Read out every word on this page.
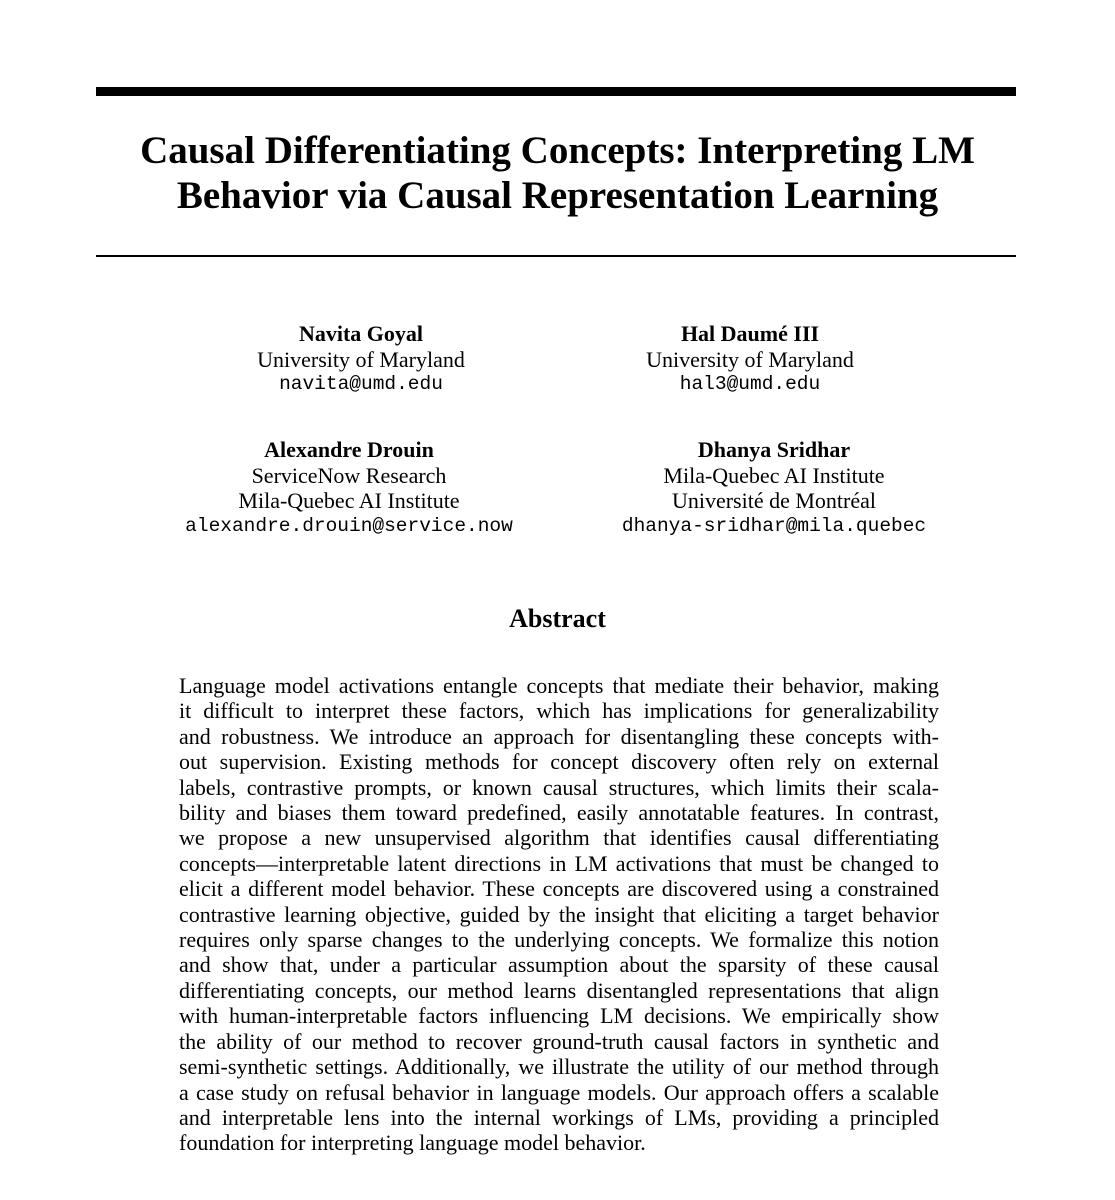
Causal Differentiating Concepts: Interpreting LM
Behavior via Causal Representation Learning
Navita Goyal
University of Maryland
navita@umd.edu
Hal Daumé III
University of Maryland
hal3@umd.edu
Alexandre Drouin
ServiceNow Research
Mila-Quebec AI Institute
alexandre.drouin@service.now
Dhanya Sridhar
Mila-Quebec AI Institute
Université de Montréal
dhanya-sridhar@mila.quebec
Abstract
Language model activations entangle concepts that mediate their behavior, making
it difficult to interpret these factors, which has implications for generalizability
and robustness. We introduce an approach for disentangling these concepts with-
out supervision. Existing methods for concept discovery often rely on external
labels, contrastive prompts, or known causal structures, which limits their scala-
bility and biases them toward predefined, easily annotatable features. In contrast,
we propose a new unsupervised algorithm that identifies causal differentiating
concepts—interpretable latent directions in LM activations that must be changed to
elicit a different model behavior. These concepts are discovered using a constrained
contrastive learning objective, guided by the insight that eliciting a target behavior
requires only sparse changes to the underlying concepts. We formalize this notion
and show that, under a particular assumption about the sparsity of these causal
differentiating concepts, our method learns disentangled representations that align
with human-interpretable factors influencing LM decisions. We empirically show
the ability of our method to recover ground-truth causal factors in synthetic and
semi-synthetic settings. Additionally, we illustrate the utility of our method through
a case study on refusal behavior in language models. Our approach offers a scalable
and interpretable lens into the internal workings of LMs, providing a principled
foundation for interpreting language model behavior.
